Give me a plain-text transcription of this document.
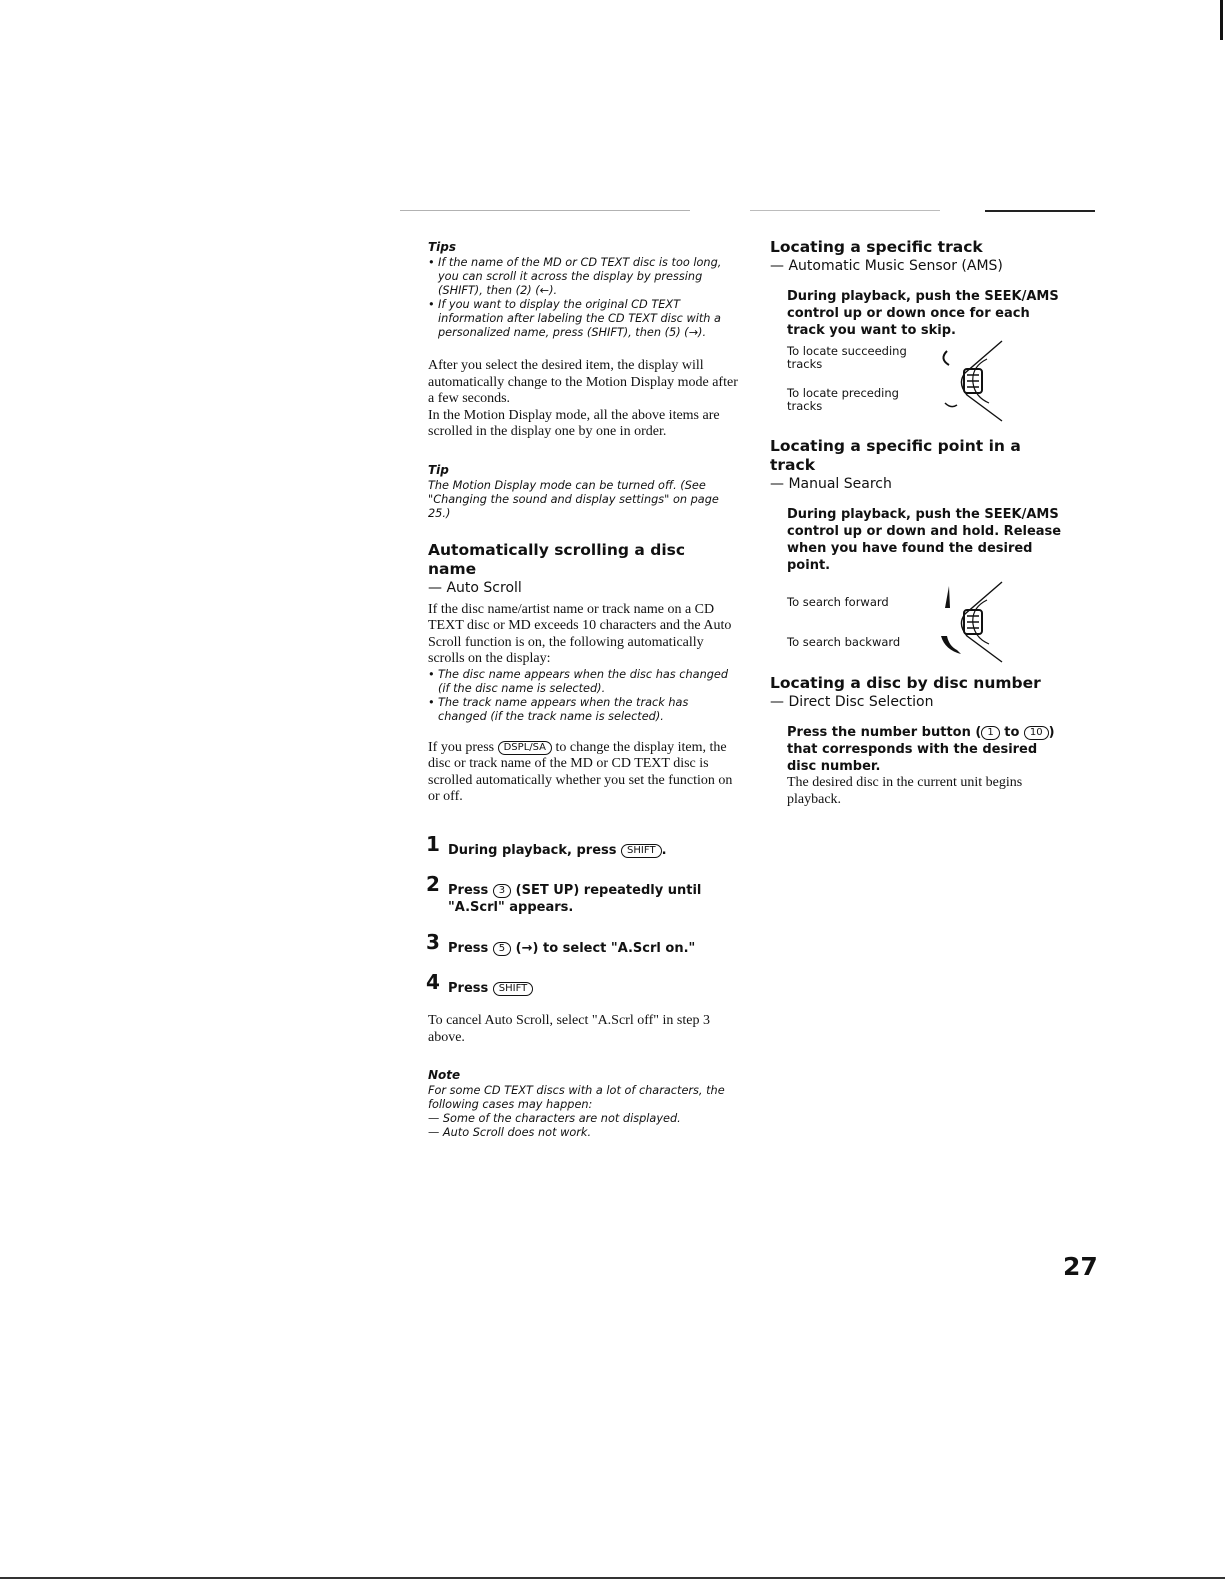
Tips

• If the name of the MD or CD TEXT disc is too long, you can scroll it across the display by pressing (SHIFT), then (2) (←).
• If you want to display the original CD TEXT information after labeling the CD TEXT disc with a personalized name, press (SHIFT), then (5) (→).

After you select the desired item, the display will automatically change to the Motion Display mode after a few seconds.

In the Motion Display mode, all the above items are scrolled in the display one by one in order.

Tip

The Motion Display mode can be turned off. (See "Changing the sound and display settings" on page 25.)

Automatically scrolling a disc name

— Auto Scroll

If the disc name/artist name or track name on a CD TEXT disc or MD exceeds 10 characters and the Auto Scroll function is on, the following automatically scrolls on the display:

• The disc name appears when the disc has changed (if the disc name is selected).
• The track name appears when the track has changed (if the track name is selected).

If you press DSPL/SA to change the display item, the disc or track name of the MD or CD TEXT disc is scrolled automatically whether you set the function on or off.

1 During playback, press SHIFT .
2 Press 3 (SET UP) repeatedly until "A.Scrl" appears.
3 Press 5 (→) to select "A.Scrl on."
4 Press SHIFT

To cancel Auto Scroll, select "A.Scrl off" in step 3 above.

Note

For some CD TEXT discs with a lot of characters, the following cases may happen:

— Some of the characters are not displayed.

— Auto Scroll does not work.

Locating a specific track

— Automatic Music Sensor (AMS)

During playback, push the SEEK/AMS control up or down once for each track you want to skip.

To locate succeeding tracks
To locate preceding tracks
Locating a specific point in a track

— Manual Search

During playback, push the SEEK/AMS control up or down and hold. Release when you have found the desired point.

To search forward
To search backward
Locating a disc by disc number

— Direct Disc Selection

Press the number button ( 1 to 10 ) that corresponds with the desired disc number.

The desired disc in the current unit begins playback.

27
